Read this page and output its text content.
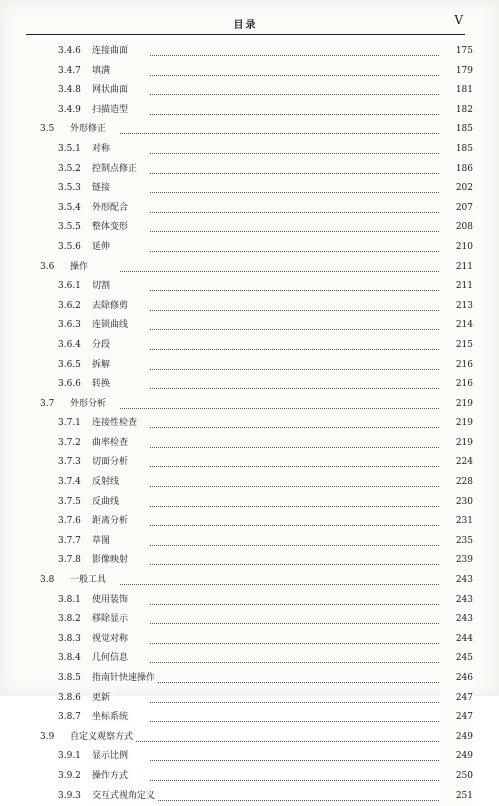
目录	V
3.4.6 连接曲面	175
3.4.7 填满	179
3.4.8 网状曲面	181
3.4.9 扫描造型	182
3.5 外形修正	185
3.5.1 对称	185
3.5.2 控制点修正	186
3.5.3 链接	202
3.5.4 外形配合	207
3.5.5 整体变形	208
3.5.6 延伸	210
3.6 操作	211
3.6.1 切割	211
3.6.2 去除修剪	213
3.6.3 连锁曲线	214
3.6.4 分段	215
3.6.5 拆解	216
3.6.6 转换	216
3.7 外形分析	219
3.7.1 连接性检查	219
3.7.2 曲率检查	219
3.7.3 切面分析	224
3.7.4 反射线	228
3.7.5 反曲线	230
3.7.6 距离分析	231
3.7.7 草图	235
3.7.8 影像映射	239
3.8 一般工具	243
3.8.1 使用装饰	243
3.8.2 移除显示	243
3.8.3 视觉对称	244
3.8.4 几何信息	245
3.8.5 指南针快速操作	246
3.8.6 更新	247
3.8.7 坐标系统	247
3.9 自定义观察方式	249
3.9.1 显示比例	249
3.9.2 操作方式	250
3.9.3 交互式视角定义	251
